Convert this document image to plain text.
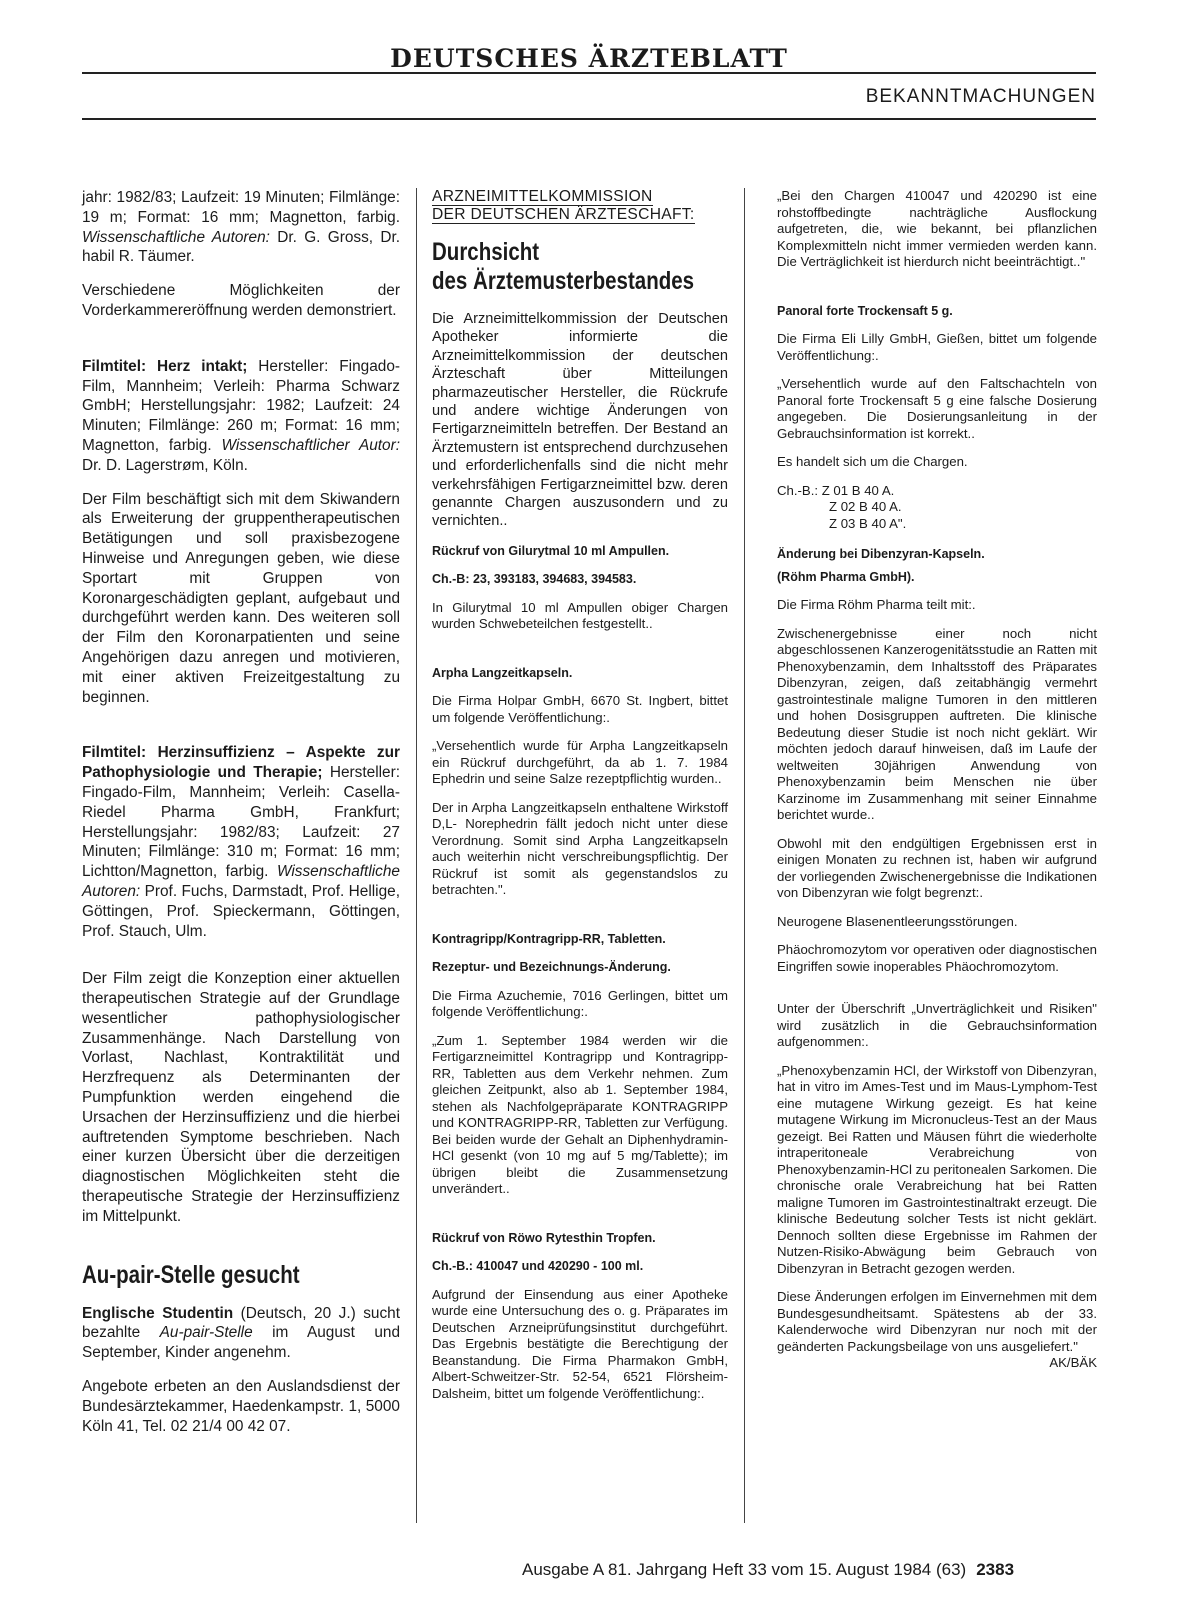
DEUTSCHES ÄRZTEBLATT
BEKANNTMACHUNGEN

jahr: 1982/83; Laufzeit: 19 Minuten; Filmlänge: 19 m; Format: 16 mm; Magnetton, farbig. Wissenschaftliche Autoren: Dr. G. Gross, Dr. habil R. Täumer.

Verschiedene Möglichkeiten der Vorderkammereröffnung werden demonstriert.

Filmtitel: Herz intakt; Hersteller: Fingado-Film, Mannheim; Verleih: Pharma Schwarz GmbH; Herstellungsjahr: 1982; Laufzeit: 24 Minuten; Filmlänge: 260 m; Format: 16 mm; Magnetton, farbig. Wissenschaftlicher Autor: Dr. D. Lagerstrøm, Köln.

Der Film beschäftigt sich mit dem Skiwandern als Erweiterung der gruppentherapeutischen Betätigungen und soll praxisbezogene Hinweise und Anregungen geben, wie diese Sportart mit Gruppen von Koronargeschädigten geplant, aufgebaut und durchgeführt werden kann. Des weiteren soll der Film den Koronarpatienten und seine Angehörigen dazu anregen und motivieren, mit einer aktiven Freizeitgestaltung zu beginnen.

Filmtitel: Herzinsuffizienz – Aspekte zur Pathophysiologie und Therapie; Hersteller: Fingado-Film, Mannheim; Verleih: Casella-Riedel Pharma GmbH, Frankfurt; Herstellungsjahr: 1982/83; Laufzeit: 27 Minuten; Filmlänge: 310 m; Format: 16 mm; Lichtton/Magnetton, farbig. Wissenschaftliche Autoren: Prof. Fuchs, Darmstadt, Prof. Hellige, Göttingen, Prof. Spieckermann, Göttingen, Prof. Stauch, Ulm.

Der Film zeigt die Konzeption einer aktuellen therapeutischen Strategie auf der Grundlage wesentlicher pathophysiologischer Zusammenhänge. Nach Darstellung von Vorlast, Nachlast, Kontraktilität und Herzfrequenz als Determinanten der Pumpfunktion werden eingehend die Ursachen der Herzinsuffizienz und die hierbei auftretenden Symptome beschrieben. Nach einer kurzen Übersicht über die derzeitigen diagnostischen Möglichkeiten steht die therapeutische Strategie der Herzinsuffizienz im Mittelpunkt.

Au-pair-Stelle gesucht

Englische Studentin (Deutsch, 20 J.) sucht bezahlte Au-pair-Stelle im August und September, Kinder angenehm.

Angebote erbeten an den Auslandsdienst der Bundesärztekammer, Haedenkampstr. 1, 5000 Köln 41, Tel. 02 21/4 00 42 07.

ARZNEIMITTELKOMMISSION
DER DEUTSCHEN ÄRZTESCHAFT:
Durchsicht
des Ärztemusterbestandes

Die Arzneimittelkommission der Deutschen Apotheker informierte die Arzneimittelkommission der deutschen Ärzteschaft über Mitteilungen pharmazeutischer Hersteller, die Rückrufe und andere wichtige Änderungen von Fertigarzneimitteln betreffen. Der Bestand an Ärztemustern ist entsprechend durchzusehen und erforderlichenfalls sind die nicht mehr verkehrsfähigen Fertigarzneimittel bzw. deren genannte Chargen auszusondern und zu vernichten..

Rückruf von Gilurytmal 10 ml Ampullen.
Ch.-B: 23, 393183, 394683, 394583.

In Gilurytmal 10 ml Ampullen obiger Chargen wurden Schwebeteilchen festgestellt..

Arpha Langzeitkapseln.

Die Firma Holpar GmbH, 6670 St. Ingbert, bittet um folgende Veröffentlichung:.

„Versehentlich wurde für Arpha Langzeitkapseln ein Rückruf durchgeführt, da ab 1. 7. 1984 Ephedrin und seine Salze rezeptpflichtig wurden..

Der in Arpha Langzeitkapseln enthaltene Wirkstoff D,L- Norephedrin fällt jedoch nicht unter diese Verordnung. Somit sind Arpha Langzeitkapseln auch weiterhin nicht verschreibungspflichtig. Der Rückruf ist somit als gegenstandslos zu betrachten.".

Kontragripp/Kontragripp-RR, Tabletten.
Rezeptur- und Bezeichnungs-Änderung.

Die Firma Azuchemie, 7016 Gerlingen, bittet um folgende Veröffentlichung:.

„Zum 1. September 1984 werden wir die Fertigarzneimittel Kontragripp und Kontragripp-RR, Tabletten aus dem Verkehr nehmen. Zum gleichen Zeitpunkt, also ab 1. September 1984, stehen als Nachfolgepräparate KONTRAGRIPP und KONTRAGRIPP-RR, Tabletten zur Verfügung. Bei beiden wurde der Gehalt an Diphenhydramin-HCl gesenkt (von 10 mg auf 5 mg/Tablette); im übrigen bleibt die Zusammensetzung unverändert..

Rückruf von Röwo Rytesthin Tropfen.
Ch.-B.: 410047 und 420290 - 100 ml.

Aufgrund der Einsendung aus einer Apotheke wurde eine Untersuchung des o. g. Präparates im Deutschen Arzneiprüfungsinstitut durchgeführt. Das Ergebnis bestätigte die Berechtigung der Beanstandung. Die Firma Pharmakon GmbH, Albert-Schweitzer-Str. 52-54, 6521 Flörsheim-Dalsheim, bittet um folgende Veröffentlichung:.

„Bei den Chargen 410047 und 420290 ist eine rohstoffbedingte nachträgliche Ausflockung aufgetreten, die, wie bekannt, bei pflanzlichen Komplexmitteln nicht immer vermieden werden kann. Die Verträglichkeit ist hierdurch nicht beeinträchtigt.."

Panoral forte Trockensaft 5 g.

Die Firma Eli Lilly GmbH, Gießen, bittet um folgende Veröffentlichung:.

„Versehentlich wurde auf den Faltschachteln von Panoral forte Trockensaft 5 g eine falsche Dosierung angegeben. Die Dosierungsanleitung in der Gebrauchsinformation ist korrekt..

Es handelt sich um die Chargen.

Ch.-B.: Z 01 B 40 A.
Z 02 B 40 A.
Z 03 B 40 A".
Änderung bei Dibenzyran-Kapseln.
(Röhm Pharma GmbH).

Die Firma Röhm Pharma teilt mit:.

Zwischenergebnisse einer noch nicht abgeschlossenen Kanzerogenitätsstudie an Ratten mit Phenoxybenzamin, dem Inhaltsstoff des Präparates Dibenzyran, zeigen, daß zeitabhängig vermehrt gastrointestinale maligne Tumoren in den mittleren und hohen Dosisgruppen auftreten. Die klinische Bedeutung dieser Studie ist noch nicht geklärt. Wir möchten jedoch darauf hinweisen, daß im Laufe der weltweiten 30jährigen Anwendung von Phenoxybenzamin beim Menschen nie über Karzinome im Zusammenhang mit seiner Einnahme berichtet wurde..

Obwohl mit den endgültigen Ergebnissen erst in einigen Monaten zu rechnen ist, haben wir aufgrund der vorliegenden Zwischenergebnisse die Indikationen von Dibenzyran wie folgt begrenzt:.

Neurogene Blasenentleerungsstörungen.

Phäochromozytom vor operativen oder diagnostischen Eingriffen sowie inoperables Phäochromozytom.

Unter der Überschrift „Unverträglichkeit und Risiken" wird zusätzlich in die Gebrauchsinformation aufgenommen:.

„Phenoxybenzamin HCl, der Wirkstoff von Dibenzyran, hat in vitro im Ames-Test und im Maus-Lymphom-Test eine mutagene Wirkung gezeigt. Es hat keine mutagene Wirkung im Micronucleus-Test an der Maus gezeigt. Bei Ratten und Mäusen führt die wiederholte intraperitoneale Verabreichung von Phenoxybenzamin-HCl zu peritonealen Sarkomen. Die chronische orale Verabreichung hat bei Ratten maligne Tumoren im Gastrointestinaltrakt erzeugt. Die klinische Bedeutung solcher Tests ist nicht geklärt. Dennoch sollten diese Ergebnisse im Rahmen der Nutzen-Risiko-Abwägung beim Gebrauch von Dibenzyran in Betracht gezogen werden.

Diese Änderungen erfolgen im Einvernehmen mit dem Bundesgesundheitsamt. Spätestens ab der 33. Kalenderwoche wird Dibenzyran nur noch mit der geänderten Packungsbeilage von uns ausgeliefert."
AK/BÄK

Ausgabe A 81. Jahrgang Heft 33 vom 15. August 1984 (63) 2383
